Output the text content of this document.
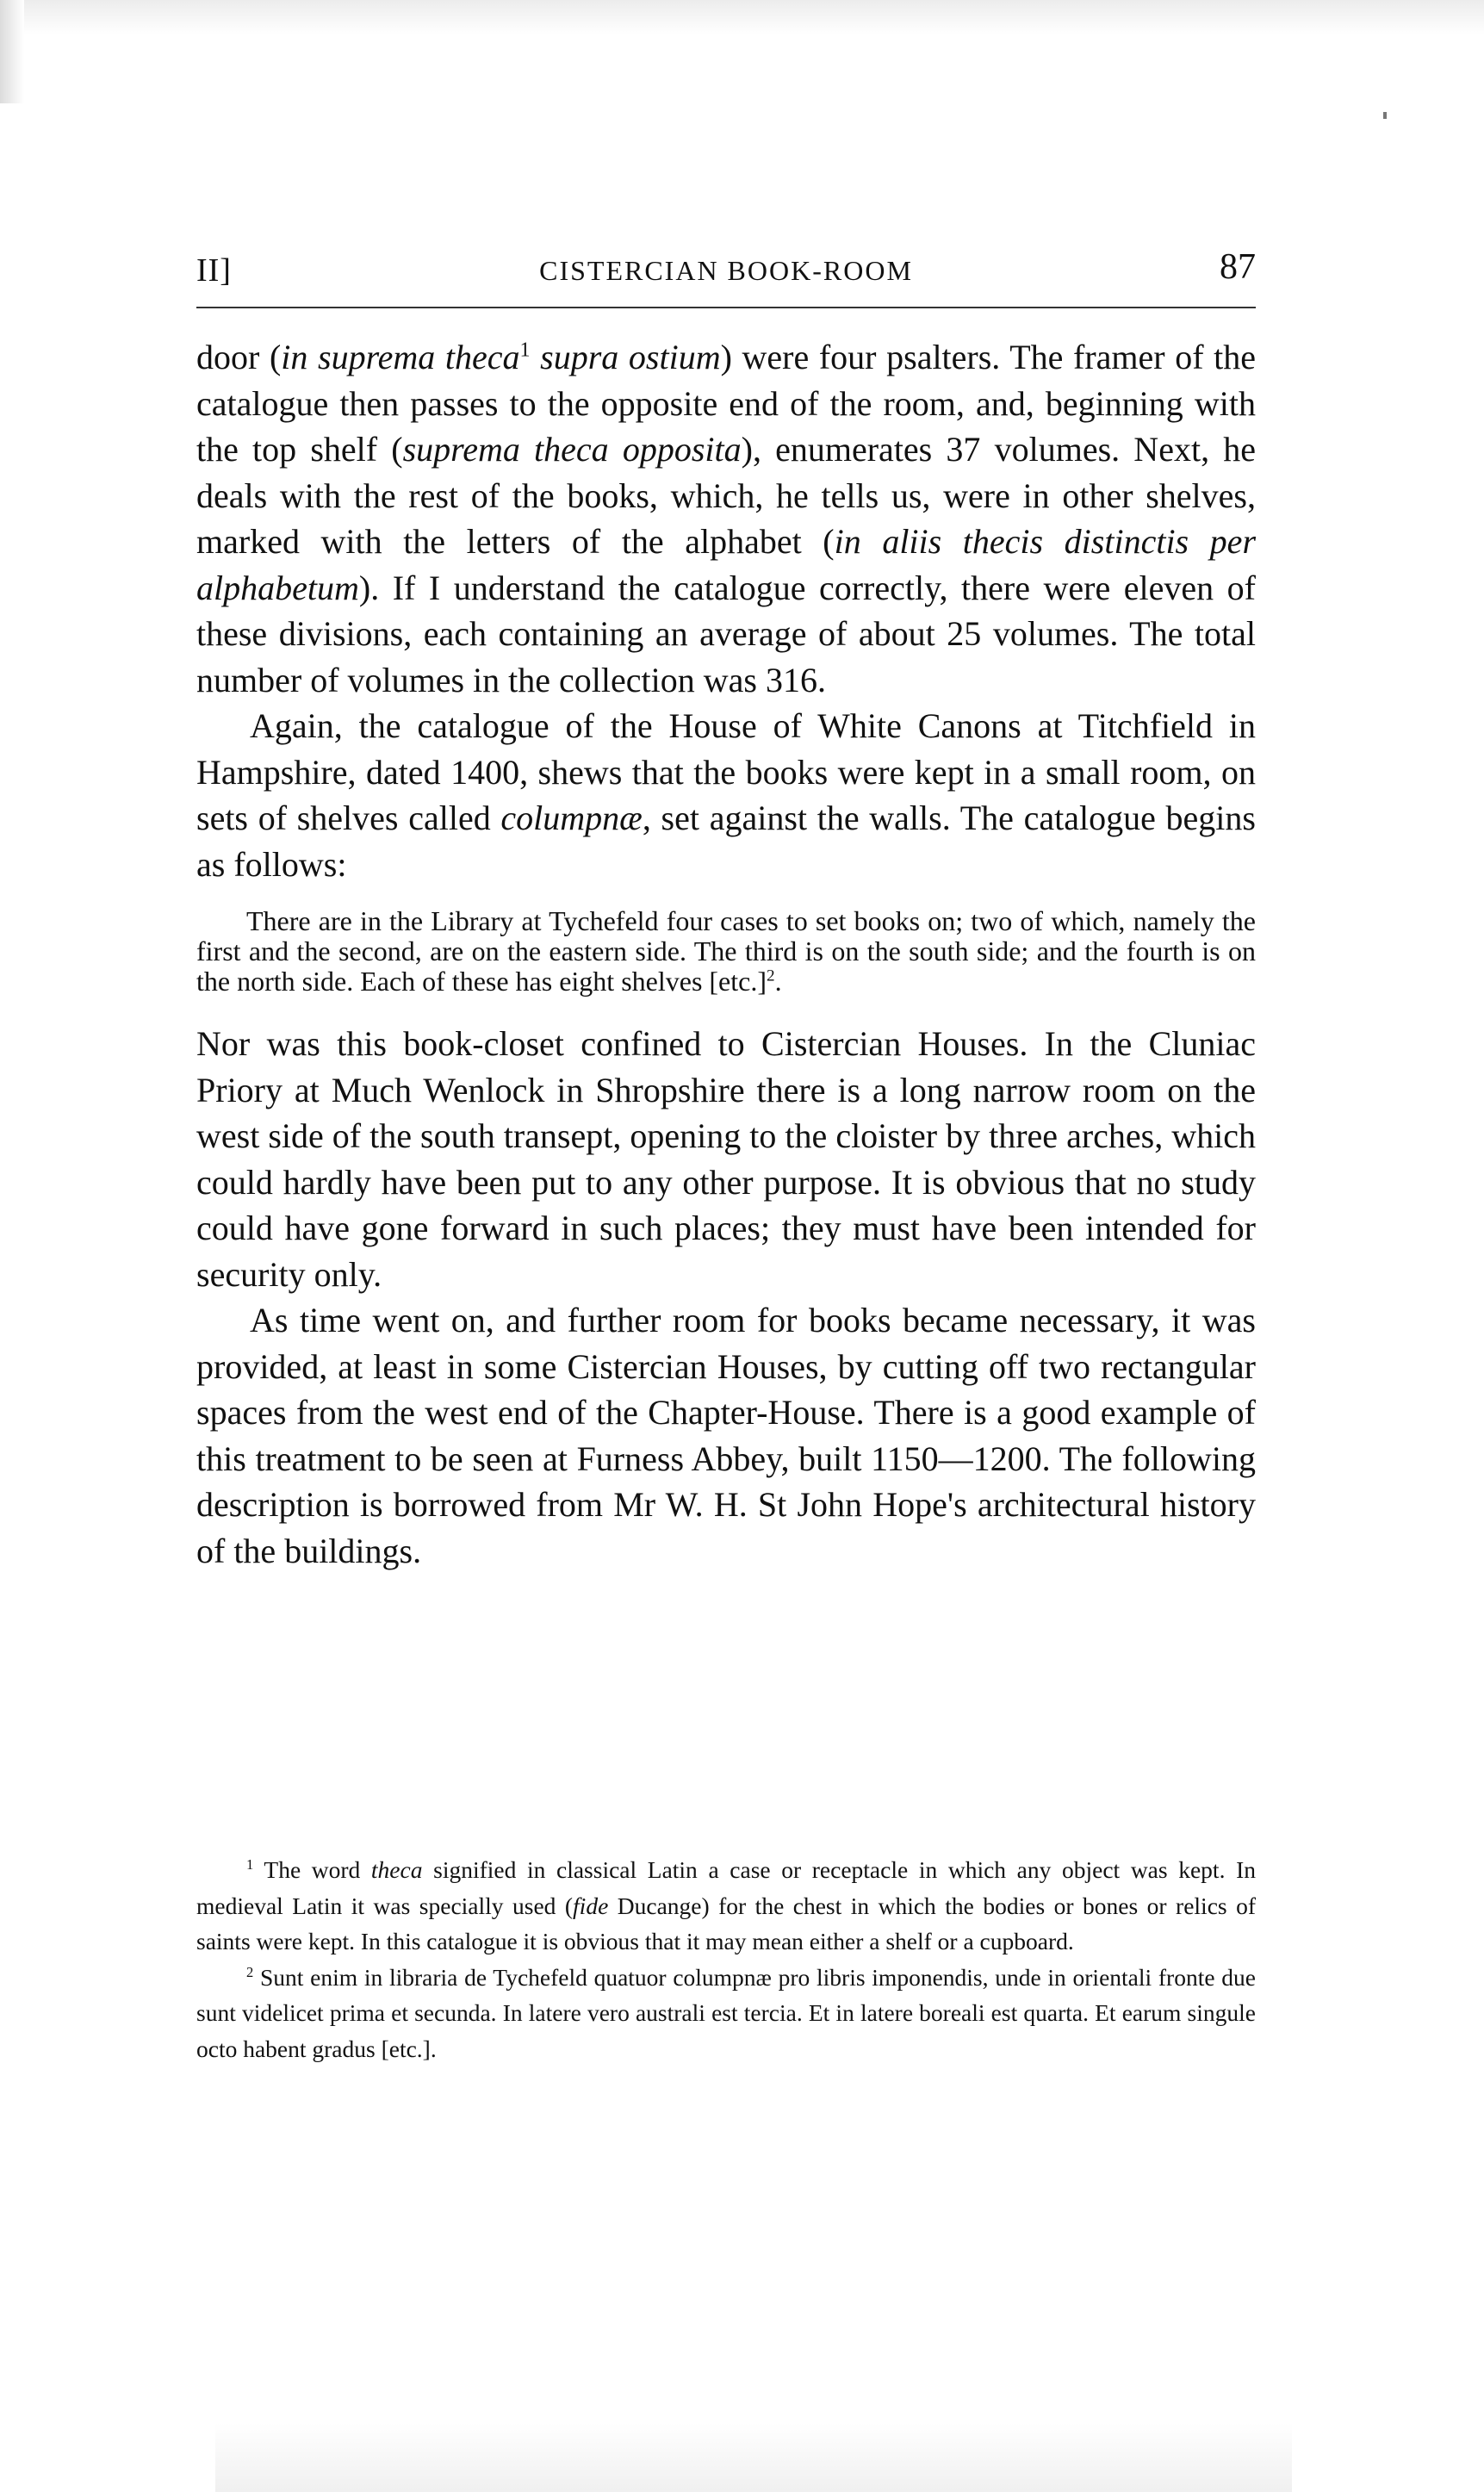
II]	CISTERCIAN BOOK-ROOM	87

door (in suprema theca$^1$ supra ostium) were four psalters. The framer of the catalogue then passes to the opposite end of the room, and, beginning with the top shelf (suprema theca opposita), enumerates 37 volumes. Next, he deals with the rest of the books, which, he tells us, were in other shelves, marked with the letters of the alphabet (in aliis thecis distinctis per alphabetum). If I understand the catalogue correctly, there were eleven of these divisions, each containing an average of about 25 volumes. The total number of volumes in the collection was 316.

Again, the catalogue of the House of White Canons at Titchfield in Hampshire, dated 1400, shews that the books were kept in a small room, on sets of shelves called columpnæ, set against the walls. The catalogue begins as follows:

There are in the Library at Tychefeld four cases to set books on; two of which, namely the first and the second, are on the eastern side. The third is on the south side; and the fourth is on the north side. Each of these has eight shelves $[etc.]^2$.

Nor was this book-closet confined to Cistercian Houses. In the Cluniac Priory at Much Wenlock in Shropshire there is a long narrow room on the west side of the south transept, opening to the cloister by three arches, which could hardly have been put to any other purpose. It is obvious that no study could have gone forward in such places; they must have been intended for security only.

As time went on, and further room for books became necessary, it was provided, at least in some Cistercian Houses, by cutting off two rectangular spaces from the west end of the Chapter-House. There is a good example of this treatment to be seen at Furness Abbey, built 1150—1200. The following description is borrowed from Mr W. H. St John Hope's architectural history of the buildings.

$^1$ The word theca signified in classical Latin a case or receptacle in which any object was kept. In medieval Latin it was specially used (fide Ducange) for the chest in which the bodies or bones or relics of saints were kept. In this catalogue it is obvious that it may mean either a shelf or a cupboard.

$^2$ Sunt enim in libraria de Tychefeld quatuor columpnæ pro libris imponendis, unde in orientali fronte due sunt videlicet prima et secunda. In latere vero australi est tercia. Et in latere boreali est quarta. Et earum singule octo habent gradus [etc.].
